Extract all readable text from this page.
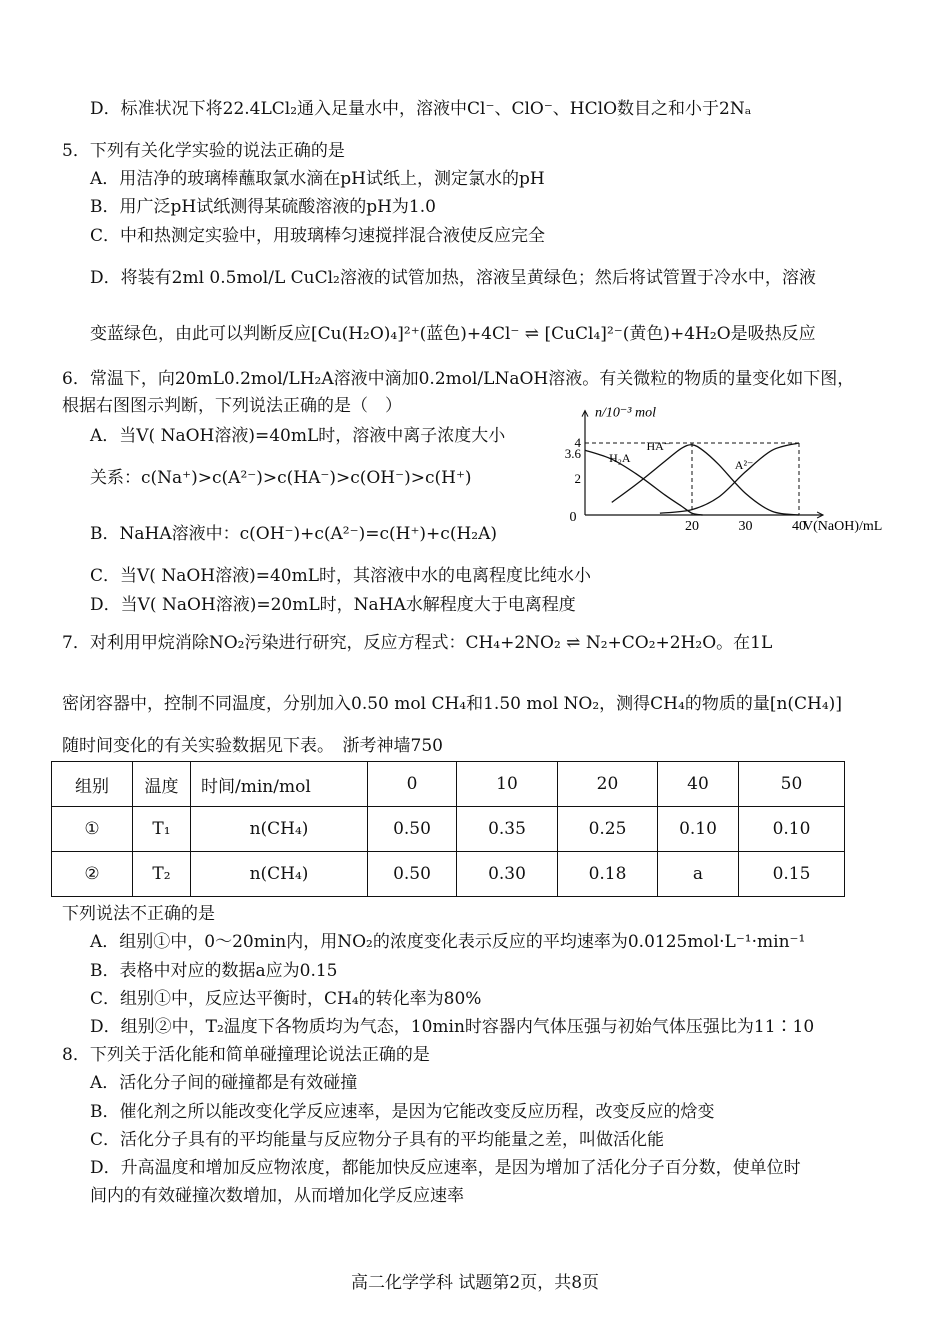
D．标准状况下将22.4LCl₂通入足量水中，溶液中Cl⁻、ClO⁻、HClO数目之和小于2Nₐ
5．下列有关化学实验的说法正确的是
A．用洁净的玻璃棒蘸取氯水滴在pH试纸上，测定氯水的pH
B．用广泛pH试纸测得某硫酸溶液的pH为1.0
C．中和热测定实验中，用玻璃棒匀速搅拌混合液使反应完全
D．将装有2ml 0.5mol/L CuCl₂溶液的试管加热，溶液呈黄绿色；然后将试管置于冷水中，溶液
变蓝绿色，由此可以判断反应[Cu(H₂O)₄]²⁺(蓝色)+4Cl⁻ ⇌ [CuCl₄]²⁻(黄色)+4H₂O是吸热反应
6．常温下，向20mL0.2mol/LH₂A溶液中滴加0.2mol/LNaOH溶液。有关微粒的物质的量变化如下图，
根据右图图示判断，下列说法正确的是（　）
A．当V( NaOH溶液)=40mL时，溶液中离子浓度大小
关系：c(Na⁺)>c(A²⁻)>c(HA⁻)>c(OH⁻)>c(H⁺)
B．NaHA溶液中：c(OH⁻)+c(A²⁻)=c(H⁺)+c(H₂A)
C．当V( NaOH溶液)=40mL时，其溶液中水的电离程度比纯水小
D．当V( NaOH溶液)=20mL时，NaHA水解程度大于电离程度
2
3.6
4
20	30	40
0
n/10⁻³ mol
V(NaOH)/mL
H₂A
HA⁻
A²⁻
7．对利用甲烷消除NO₂污染进行研究，反应方程式：CH₄+2NO₂ ⇌ N₂+CO₂+2H₂O。在1L
密闭容器中，控制不同温度，分别加入0.50 mol CH₄和1.50 mol NO₂，测得CH₄的物质的量[n(CH₄)]
随时间变化的有关实验数据见下表。　浙考神墙750
组别	温度	时间/min/mol	0	10	20	40	50
①	T₁	n(CH₄)	0.50	0.35	0.25	0.10	0.10
②	T₂	n(CH₄)	0.50	0.30	0.18	a	0.15
下列说法不正确的是
A．组别①中，0～20min内，用NO₂的浓度变化表示反应的平均速率为0.0125mol·L⁻¹·min⁻¹
B．表格中对应的数据a应为0.15
C．组别①中，反应达平衡时，CH₄的转化率为80%
D．组别②中，T₂温度下各物质均为气态，10min时容器内气体压强与初始气体压强比为11∶10
8．下列关于活化能和简单碰撞理论说法正确的是
A．活化分子间的碰撞都是有效碰撞
B．催化剂之所以能改变化学反应速率，是因为它能改变反应历程，改变反应的焓变
C．活化分子具有的平均能量与反应物分子具有的平均能量之差，叫做活化能
D．升高温度和增加反应物浓度，都能加快反应速率，是因为增加了活化分子百分数，使单位时
间内的有效碰撞次数增加，从而增加化学反应速率
高二化学学科 试题第2页，共8页
